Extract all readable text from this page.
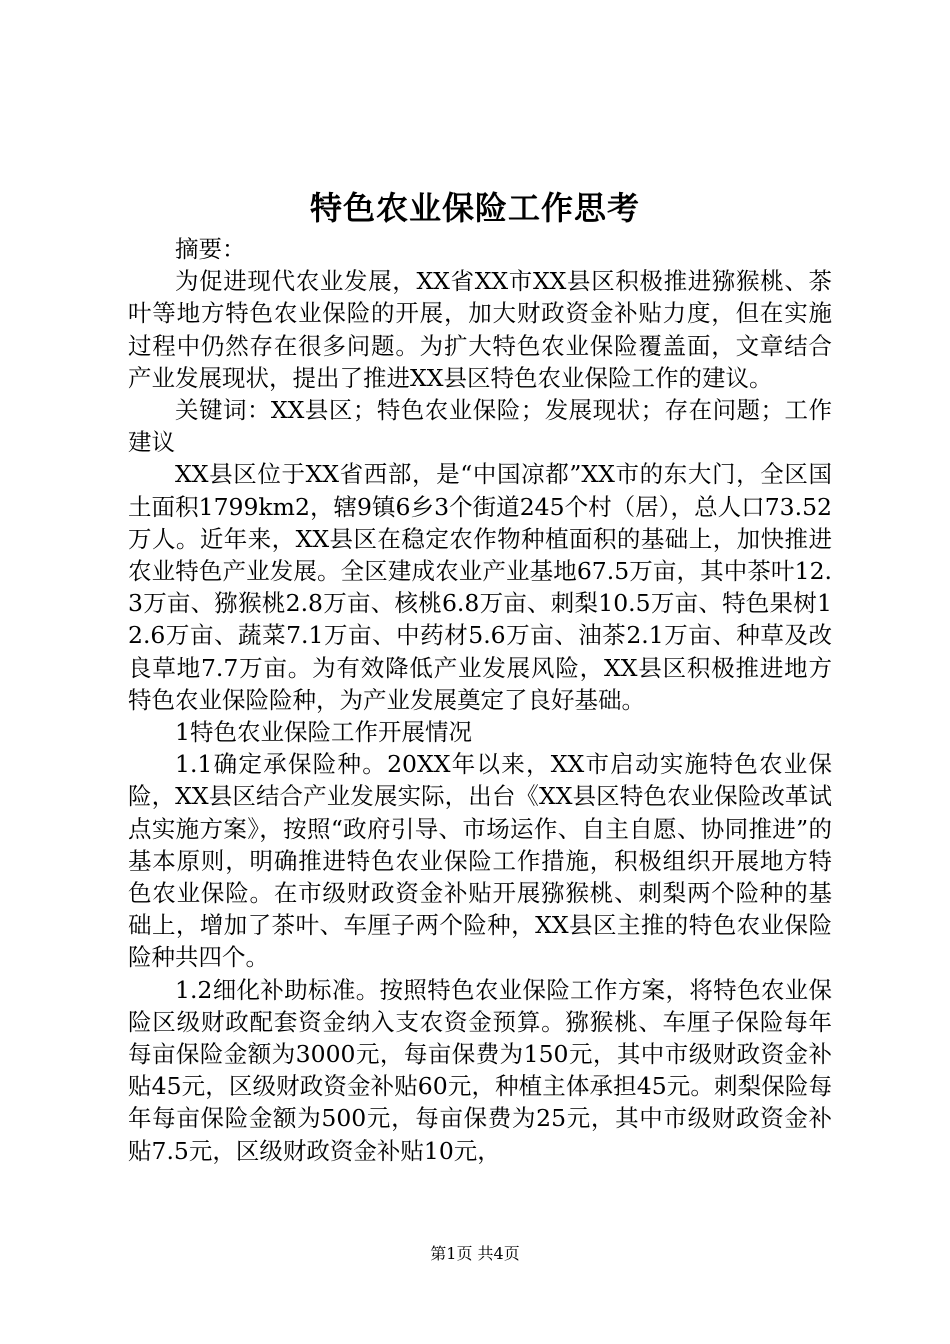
特色农业保险工作思考

摘要：

为促进现代农业发展，XX省XX市XX县区积极推进猕猴桃、茶叶等地方特色农业保险的开展，加大财政资金补贴力度，但在实施过程中仍然存在很多问题。为扩大特色农业保险覆盖面，文章结合产业发展现状，提出了推进XX县区特色农业保险工作的建议。

关键词：XX县区；特色农业保险；发展现状；存在问题；工作建议

XX县区位于XX省西部，是“中国凉都”XX市的东大门，全区国土面积1799km2，辖9镇6乡3个街道245个村（居），总人口73.52万人。近年来，XX县区在稳定农作物种植面积的基础上，加快推进农业特色产业发展。全区建成农业产业基地67.5万亩，其中茶叶12.3万亩、猕猴桃2.8万亩、核桃6.8万亩、刺梨10.5万亩、特色果树12.6万亩、蔬菜7.1万亩、中药材5.6万亩、油茶2.1万亩、种草及改良草地7.7万亩。为有效降低产业发展风险，XX县区积极推进地方特色农业保险险种，为产业发展奠定了良好基础。

1特色农业保险工作开展情况

1.1确定承保险种。20XX年以来，XX市启动实施特色农业保险，XX县区结合产业发展实际，出台《XX县区特色农业保险改革试点实施方案》，按照“政府引导、市场运作、自主自愿、协同推进”的基本原则，明确推进特色农业保险工作措施，积极组织开展地方特色农业保险。在市级财政资金补贴开展猕猴桃、刺梨两个险种的基础上，增加了茶叶、车厘子两个险种，XX县区主推的特色农业保险险种共四个。

1.2细化补助标准。按照特色农业保险工作方案，将特色农业保险区级财政配套资金纳入支农资金预算。猕猴桃、车厘子保险每年每亩保险金额为3000元，每亩保费为150元，其中市级财政资金补贴45元，区级财政资金补贴60元，种植主体承担45元。刺梨保险每年每亩保险金额为500元，每亩保费为25元，其中市级财政资金补贴7.5元，区级财政资金补贴10元，

第1页 共4页
